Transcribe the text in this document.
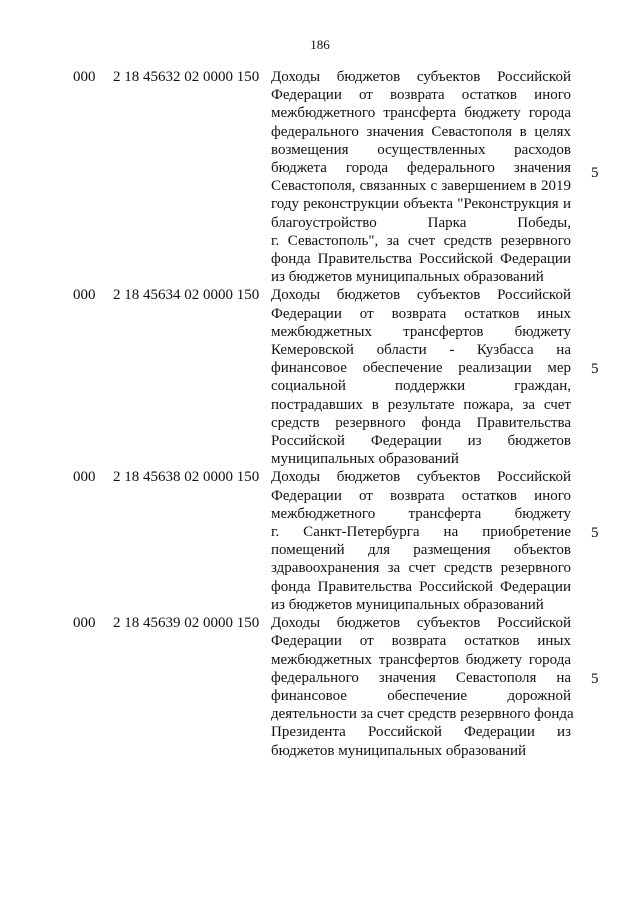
186
000 2 18 45632 02 0000 150 Доходы бюджетов субъектов Российской
Федерации от возврата остатков иного
межбюджетного трансферта бюджету города
федерального значения Севастополя в целях
возмещения осуществленных расходов
бюджета города федерального значения
Севастополя, связанных с завершением в 2019
году реконструкции объекта "Реконструкция и
благоустройство Парка Победы,
г. Севастополь", за счет средств резервного
фонда Правительства Российской Федерации
из бюджетов муниципальных образований
5
000 2 18 45634 02 0000 150 Доходы бюджетов субъектов Российской
Федерации от возврата остатков иных
межбюджетных трансфертов бюджету
Кемеровской области - Кузбасса на
финансовое обеспечение реализации мер
социальной поддержки граждан,
пострадавших в результате пожара, за счет
средств резервного фонда Правительства
Российской Федерации из бюджетов
муниципальных образований
5
000 2 18 45638 02 0000 150 Доходы бюджетов субъектов Российской
Федерации от возврата остатков иного
межбюджетного трансферта бюджету
г. Санкт-Петербурга на приобретение
помещений для размещения объектов
здравоохранения за счет средств резервного
фонда Правительства Российской Федерации
из бюджетов муниципальных образований
5
000 2 18 45639 02 0000 150 Доходы бюджетов субъектов Российской
Федерации от возврата остатков иных
межбюджетных трансфертов бюджету города
федерального значения Севастополя на
финансовое обеспечение дорожной
деятельности за счет средств резервного фонда
Президента Российской Федерации из
бюджетов муниципальных образований
5
